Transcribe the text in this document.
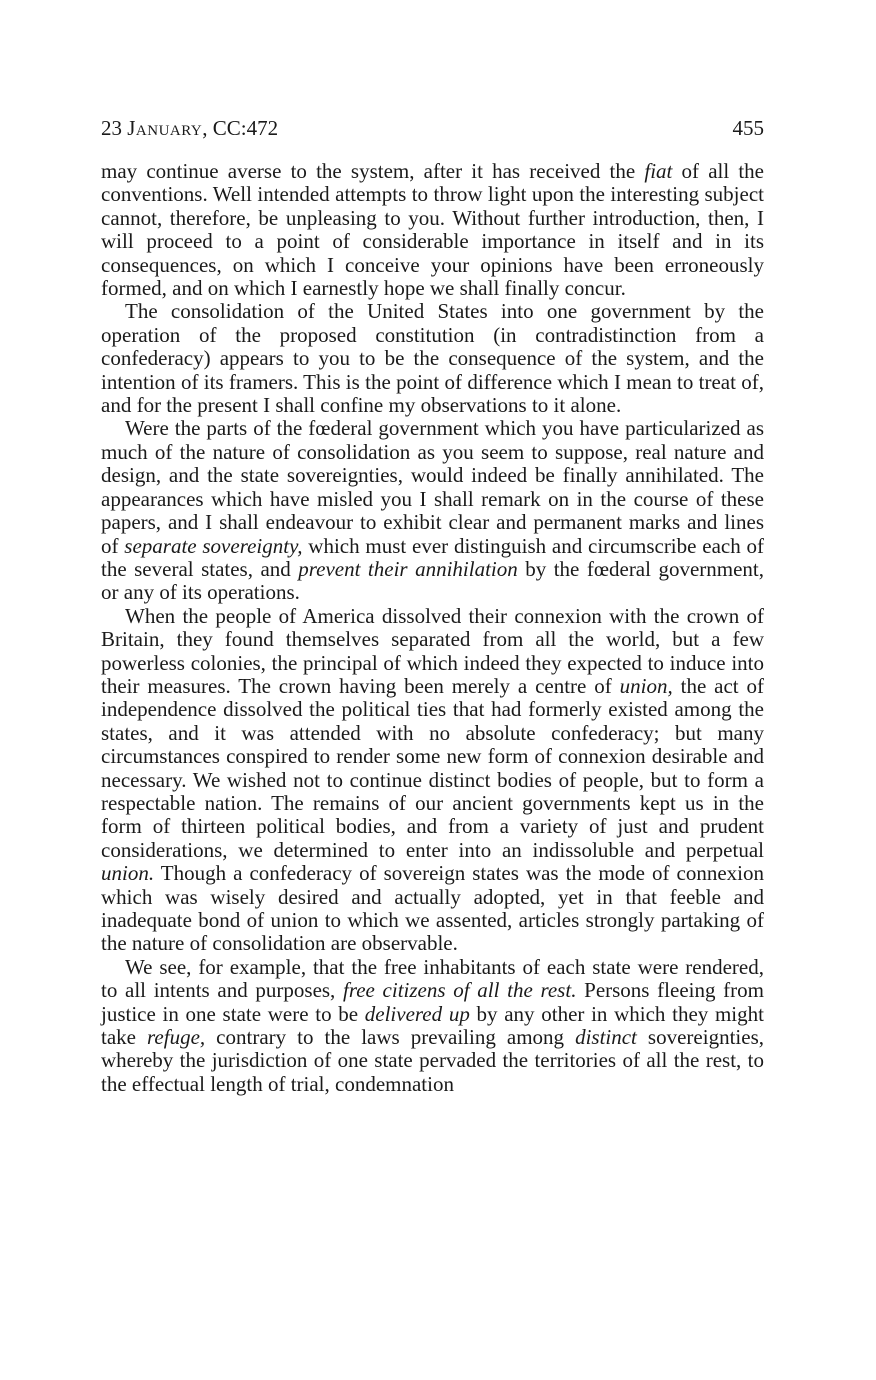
23 January, CC:472	455

may continue averse to the system, after it has received the fiat of all the conventions. Well intended attempts to throw light upon the interesting subject cannot, therefore, be unpleasing to you. Without further introduction, then, I will proceed to a point of considerable importance in itself and in its consequences, on which I conceive your opinions have been erroneously formed, and on which I earnestly hope we shall finally concur.

The consolidation of the United States into one government by the operation of the proposed constitution (in contradistinction from a confederacy) appears to you to be the consequence of the system, and the intention of its framers. This is the point of difference which I mean to treat of, and for the present I shall confine my observations to it alone.

Were the parts of the fœderal government which you have particularized as much of the nature of consolidation as you seem to suppose, real nature and design, and the state sovereignties, would indeed be finally annihilated. The appearances which have misled you I shall remark on in the course of these papers, and I shall endeavour to exhibit clear and permanent marks and lines of separate sovereignty, which must ever distinguish and circumscribe each of the several states, and prevent their annihilation by the fœderal government, or any of its operations.

When the people of America dissolved their connexion with the crown of Britain, they found themselves separated from all the world, but a few powerless colonies, the principal of which indeed they expected to induce into their measures. The crown having been merely a centre of union, the act of independence dissolved the political ties that had formerly existed among the states, and it was attended with no absolute confederacy; but many circumstances conspired to render some new form of connexion desirable and necessary. We wished not to continue distinct bodies of people, but to form a respectable nation. The remains of our ancient governments kept us in the form of thirteen political bodies, and from a variety of just and prudent considerations, we determined to enter into an indissoluble and perpetual union. Though a confederacy of sovereign states was the mode of connexion which was wisely desired and actually adopted, yet in that feeble and inadequate bond of union to which we assented, articles strongly partaking of the nature of consolidation are observable.

We see, for example, that the free inhabitants of each state were rendered, to all intents and purposes, free citizens of all the rest. Persons fleeing from justice in one state were to be delivered up by any other in which they might take refuge, contrary to the laws prevailing among distinct sovereignties, whereby the jurisdiction of one state pervaded the territories of all the rest, to the effectual length of trial, condemnation
